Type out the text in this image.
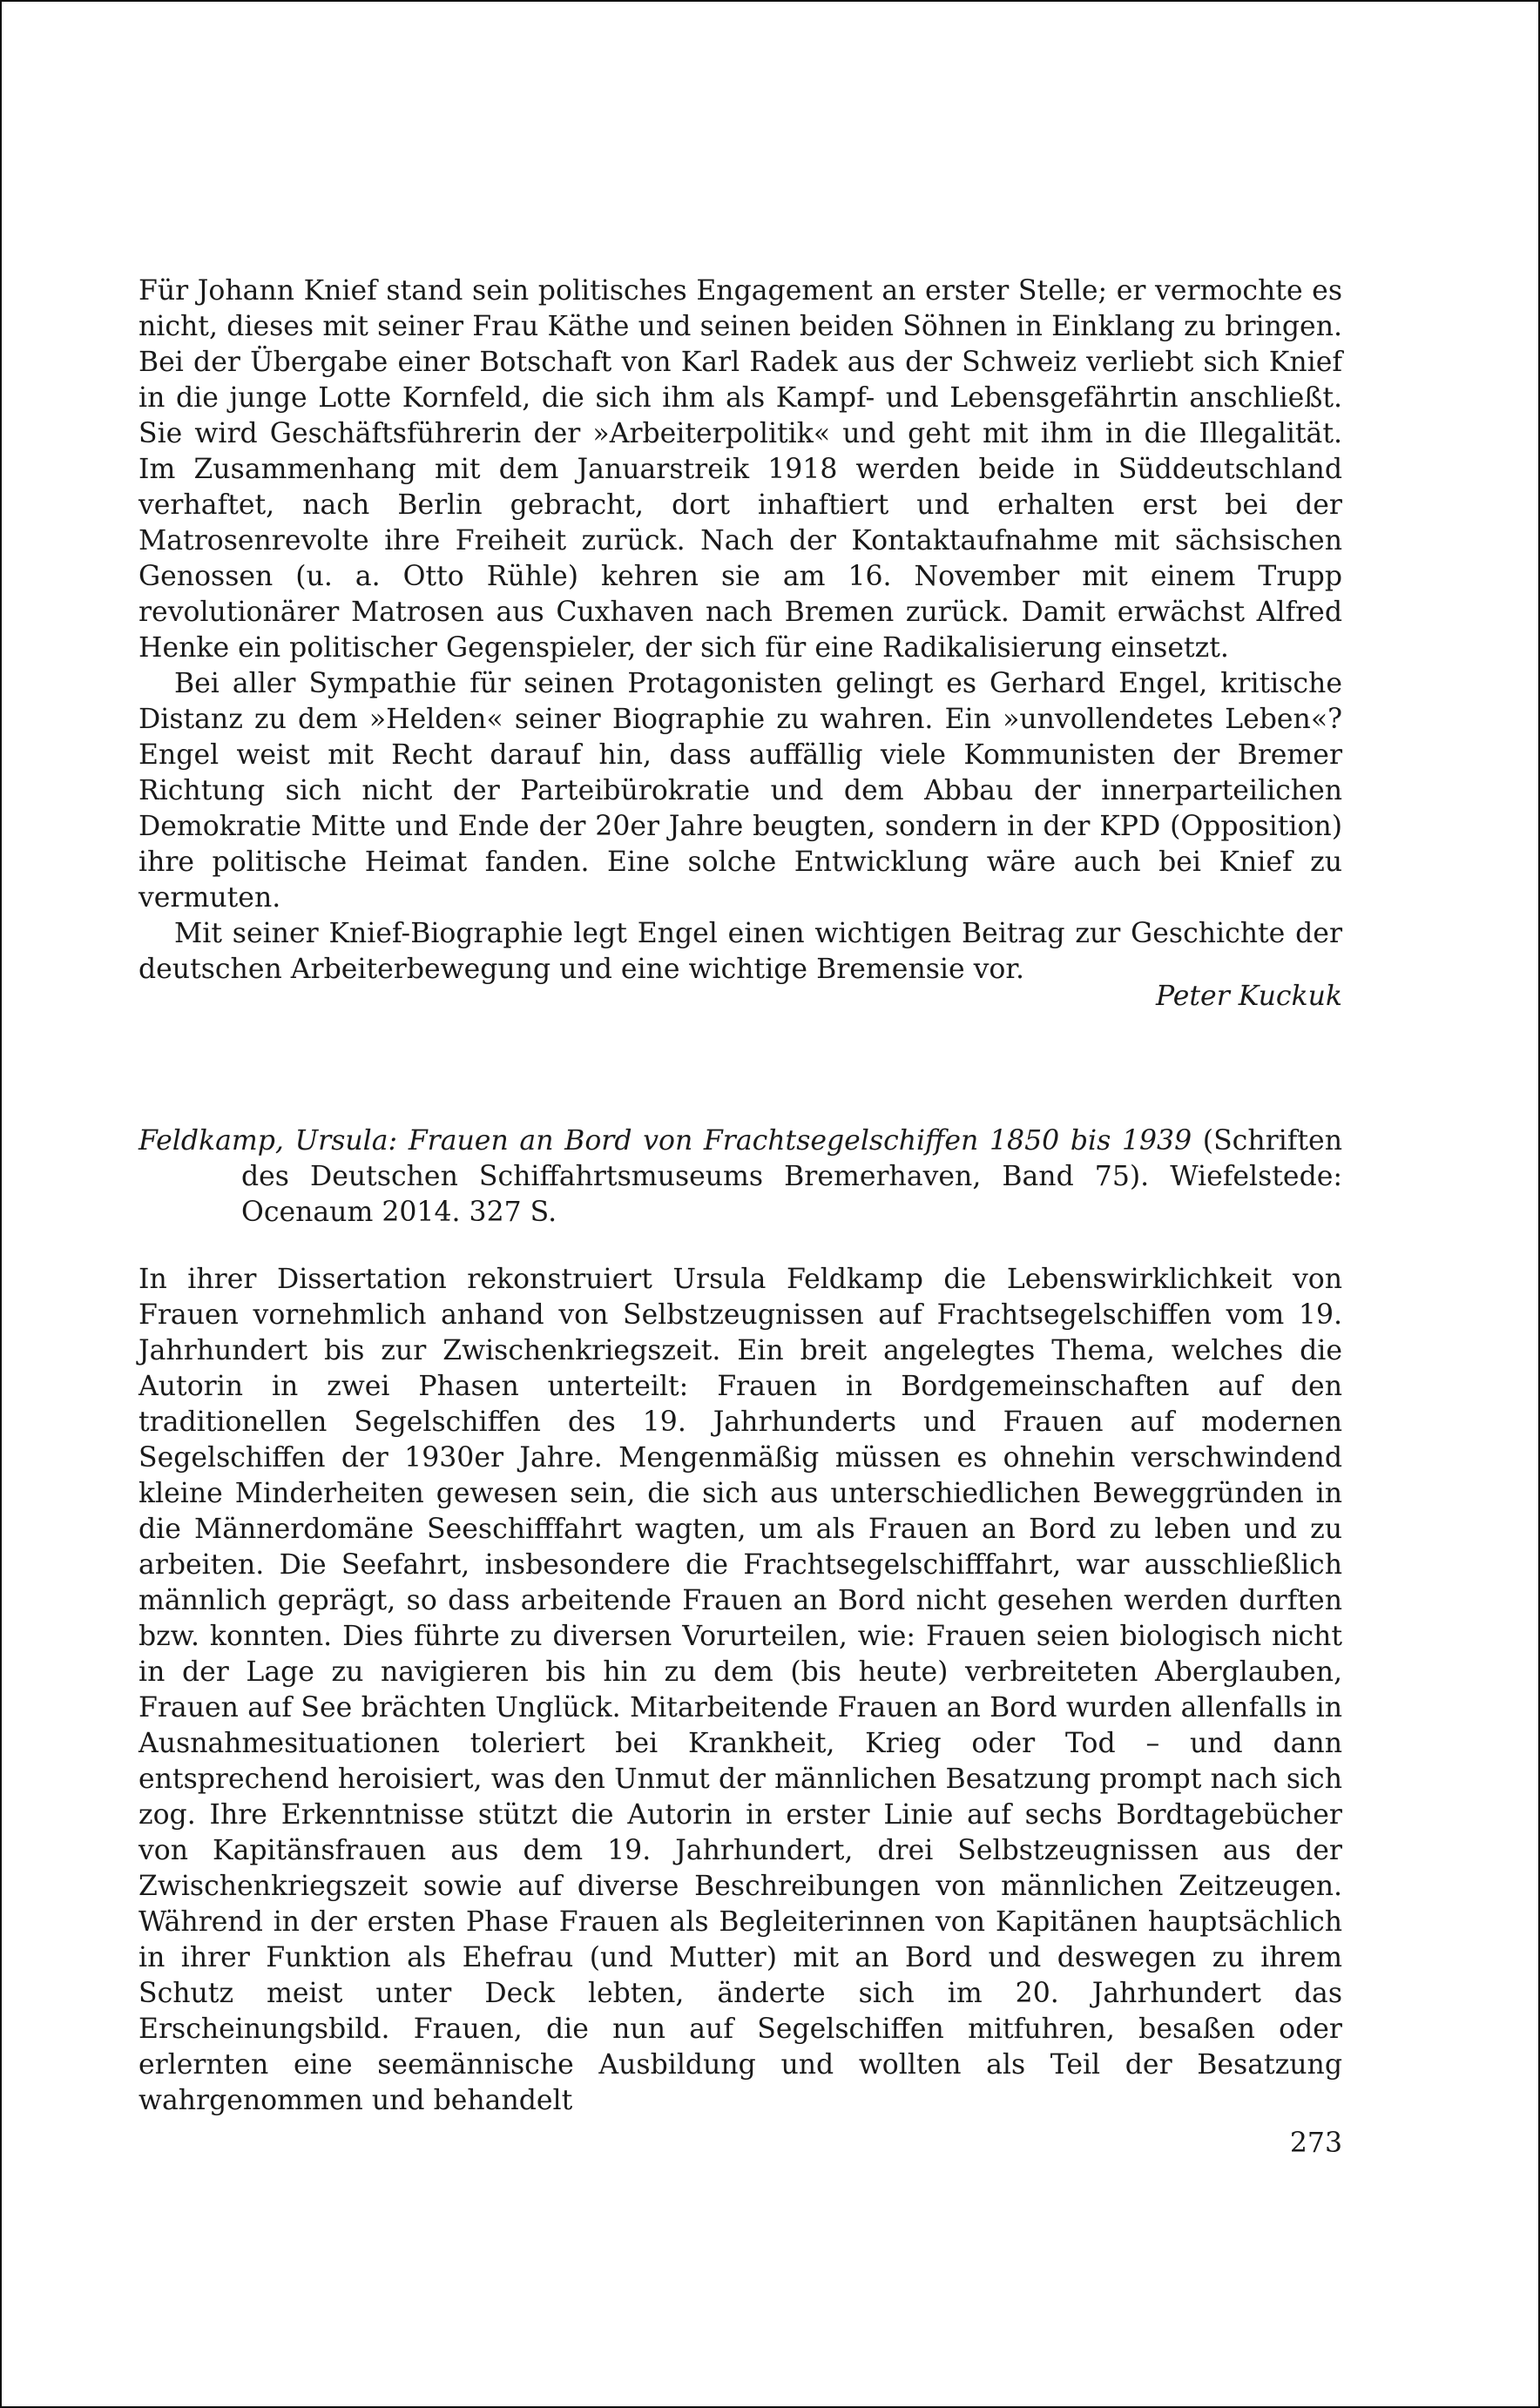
Für Johann Knief stand sein politisches Engagement an erster Stelle; er vermochte es nicht, dieses mit seiner Frau Käthe und seinen beiden Söhnen in Einklang zu bringen. Bei der Übergabe einer Botschaft von Karl Radek aus der Schweiz verliebt sich Knief in die junge Lotte Kornfeld, die sich ihm als Kampf- und Lebensgefährtin anschließt. Sie wird Geschäftsführerin der »Arbeiterpolitik« und geht mit ihm in die Illegalität. Im Zusammenhang mit dem Januarstreik 1918 werden beide in Süddeutschland verhaftet, nach Berlin gebracht, dort inhaftiert und erhalten erst bei der Matrosenrevolte ihre Freiheit zurück. Nach der Kontaktaufnahme mit sächsischen Genossen (u. a. Otto Rühle) kehren sie am 16. November mit einem Trupp revolutionärer Matrosen aus Cuxhaven nach Bremen zurück. Damit erwächst Alfred Henke ein politischer Gegenspieler, der sich für eine Radikalisierung einsetzt.

Bei aller Sympathie für seinen Protagonisten gelingt es Gerhard Engel, kritische Distanz zu dem »Helden« seiner Biographie zu wahren. Ein »unvollendetes Leben«? Engel weist mit Recht darauf hin, dass auffällig viele Kommunisten der Bremer Richtung sich nicht der Parteibürokratie und dem Abbau der innerparteilichen Demokratie Mitte und Ende der 20er Jahre beugten, sondern in der KPD (Opposition) ihre politische Heimat fanden. Eine solche Entwicklung wäre auch bei Knief zu vermuten.

Mit seiner Knief-Biographie legt Engel einen wichtigen Beitrag zur Geschichte der deutschen Arbeiterbewegung und eine wichtige Bremensie vor.

Peter Kuckuk
Feldkamp, Ursula: Frauen an Bord von Frachtsegelschiffen 1850 bis 1939 (Schriften des Deutschen Schiffahrtsmuseums Bremerhaven, Band 75). Wiefelstede: Ocenaum 2014. 327 S.

In ihrer Dissertation rekonstruiert Ursula Feldkamp die Lebenswirklichkeit von Frauen vornehmlich anhand von Selbstzeugnissen auf Frachtsegelschiffen vom 19. Jahrhundert bis zur Zwischenkriegszeit. Ein breit angelegtes Thema, welches die Autorin in zwei Phasen unterteilt: Frauen in Bordgemeinschaften auf den traditionellen Segelschiffen des 19. Jahrhunderts und Frauen auf modernen Segelschiffen der 1930er Jahre. Mengenmäßig müssen es ohnehin verschwindend kleine Minderheiten gewesen sein, die sich aus unterschiedlichen Beweggründen in die Männerdomäne Seeschifffahrt wagten, um als Frauen an Bord zu leben und zu arbeiten. Die Seefahrt, insbesondere die Frachtsegelschifffahrt, war ausschließlich männlich geprägt, so dass arbeitende Frauen an Bord nicht gesehen werden durften bzw. konnten. Dies führte zu diversen Vorurteilen, wie: Frauen seien biologisch nicht in der Lage zu navigieren bis hin zu dem (bis heute) verbreiteten Aberglauben, Frauen auf See brächten Unglück. Mitarbeitende Frauen an Bord wurden allenfalls in Ausnahmesituationen toleriert bei Krankheit, Krieg oder Tod – und dann entsprechend heroisiert, was den Unmut der männlichen Besatzung prompt nach sich zog. Ihre Erkenntnisse stützt die Autorin in erster Linie auf sechs Bordtagebücher von Kapitänsfrauen aus dem 19. Jahrhundert, drei Selbstzeugnissen aus der Zwischenkriegszeit sowie auf diverse Beschreibungen von männlichen Zeitzeugen. Während in der ersten Phase Frauen als Begleiterinnen von Kapitänen hauptsächlich in ihrer Funktion als Ehefrau (und Mutter) mit an Bord und deswegen zu ihrem Schutz meist unter Deck lebten, änderte sich im 20. Jahrhundert das Erscheinungsbild. Frauen, die nun auf Segelschiffen mitfuhren, besaßen oder erlernten eine seemännische Ausbildung und wollten als Teil der Besatzung wahrgenommen und behandelt

273
